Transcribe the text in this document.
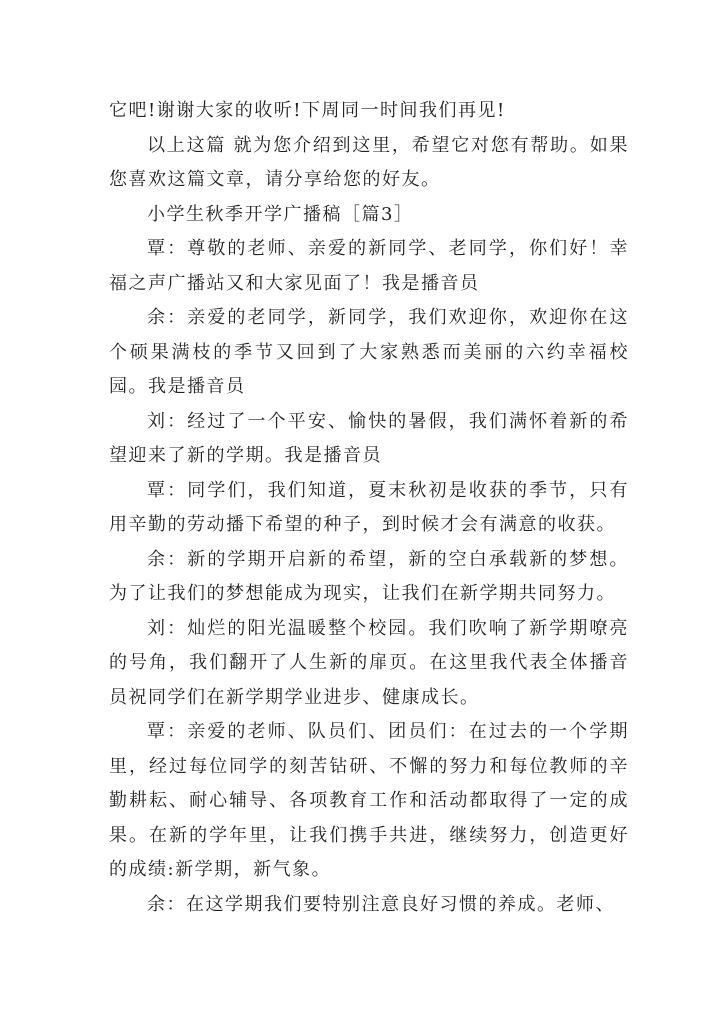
它吧!谢谢大家的收听!下周同一时间我们再见!

以上这篇 就为您介绍到这里，希望它对您有帮助。如果您喜欢这篇文章，请分享给您的好友。

小学生秋季开学广播稿［篇3］

覃：尊敬的老师、亲爱的新同学、老同学，你们好！幸福之声广播站又和大家见面了！我是播音员

余：亲爱的老同学，新同学，我们欢迎你，欢迎你在这个硕果满枝的季节又回到了大家熟悉而美丽的六约幸福校园。我是播音员

刘：经过了一个平安、愉快的暑假，我们满怀着新的希望迎来了新的学期。我是播音员

覃：同学们，我们知道，夏末秋初是收获的季节，只有用辛勤的劳动播下希望的种子，到时候才会有满意的收获。

余：新的学期开启新的希望，新的空白承载新的梦想。为了让我们的梦想能成为现实，让我们在新学期共同努力。

刘：灿烂的阳光温暖整个校园。我们吹响了新学期嘹亮的号角，我们翻开了人生新的扉页。在这里我代表全体播音员祝同学们在新学期学业进步、健康成长。

覃：亲爱的老师、队员们、团员们：在过去的一个学期里，经过每位同学的刻苦钻研、不懈的努力和每位教师的辛勤耕耘、耐心辅导、各项教育工作和活动都取得了一定的成果。在新的学年里，让我们携手共进，继续努力，创造更好的成绩:新学期，新气象。

余：在这学期我们要特别注意良好习惯的养成。老师、
